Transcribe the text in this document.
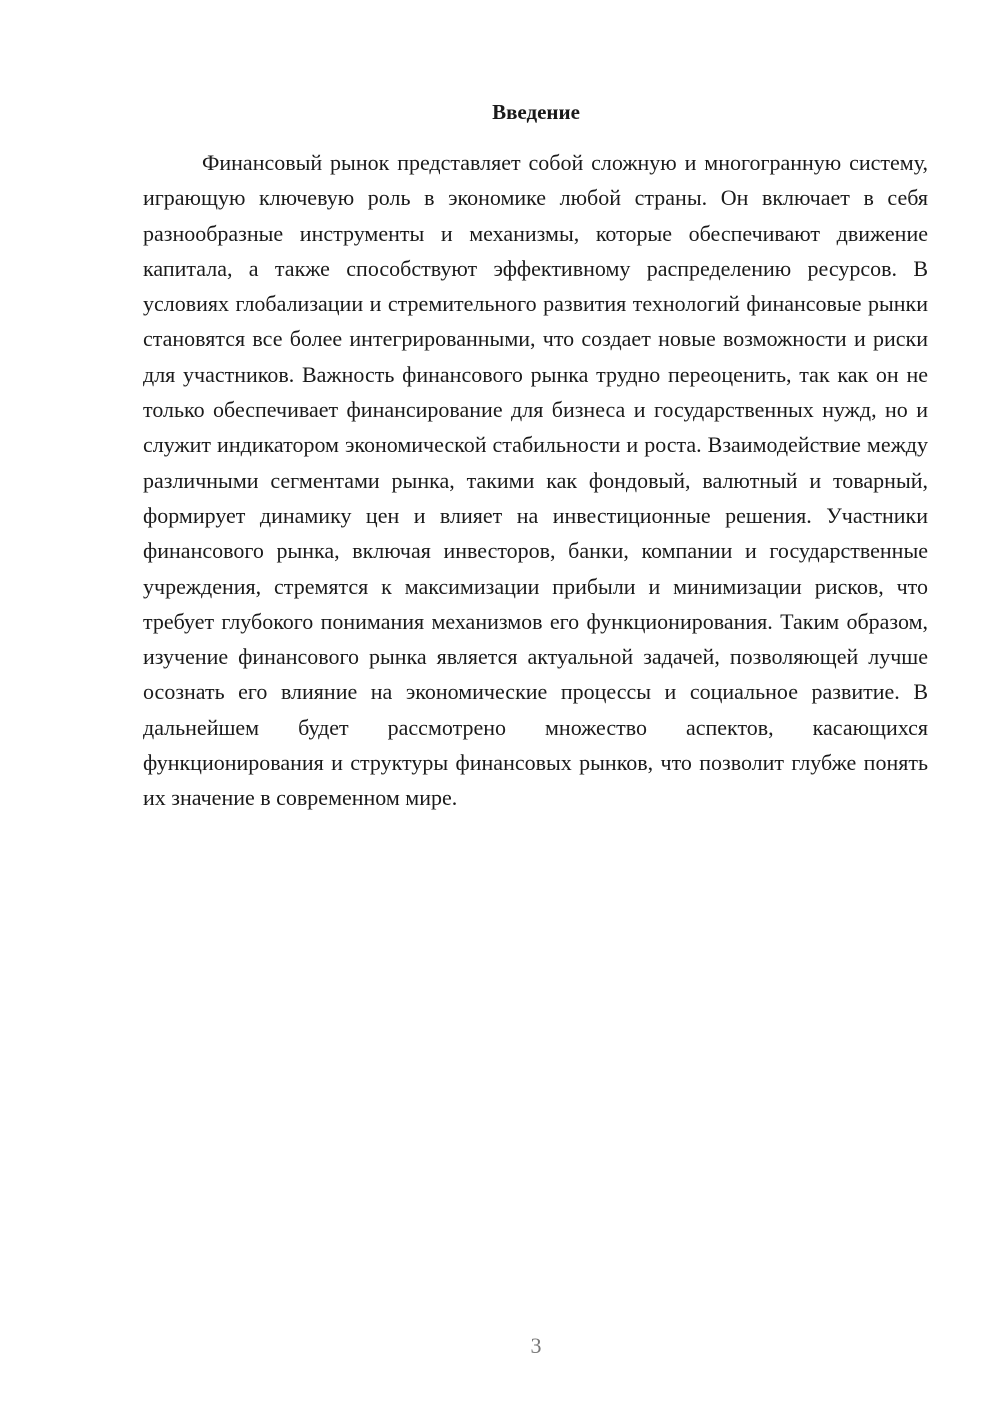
Введение

Финансовый рынок представляет собой сложную и многогранную систему, играющую ключевую роль в экономике любой страны. Он включает в себя разнообразные инструменты и механизмы, которые обеспечивают движение капитала, а также способствуют эффективному распределению ресурсов. В условиях глобализации и стремительного развития технологий финансовые рынки становятся все более интегрированными, что создает новые возможности и риски для участников. Важность финансового рынка трудно переоценить, так как он не только обеспечивает финансирование для бизнеса и государственных нужд, но и служит индикатором экономической стабильности и роста. Взаимодействие между различными сегментами рынка, такими как фондовый, валютный и товарный, формирует динамику цен и влияет на инвестиционные решения. Участники финансового рынка, включая инвесторов, банки, компании и государственные учреждения, стремятся к максимизации прибыли и минимизации рисков, что требует глубокого понимания механизмов его функционирования. Таким образом, изучение финансового рынка является актуальной задачей, позволяющей лучше осознать его влияние на экономические процессы и социальное развитие. В дальнейшем будет рассмотрено множество аспектов, касающихся функционирования и структуры финансовых рынков, что позволит глубже понять их значение в современном мире.

3
